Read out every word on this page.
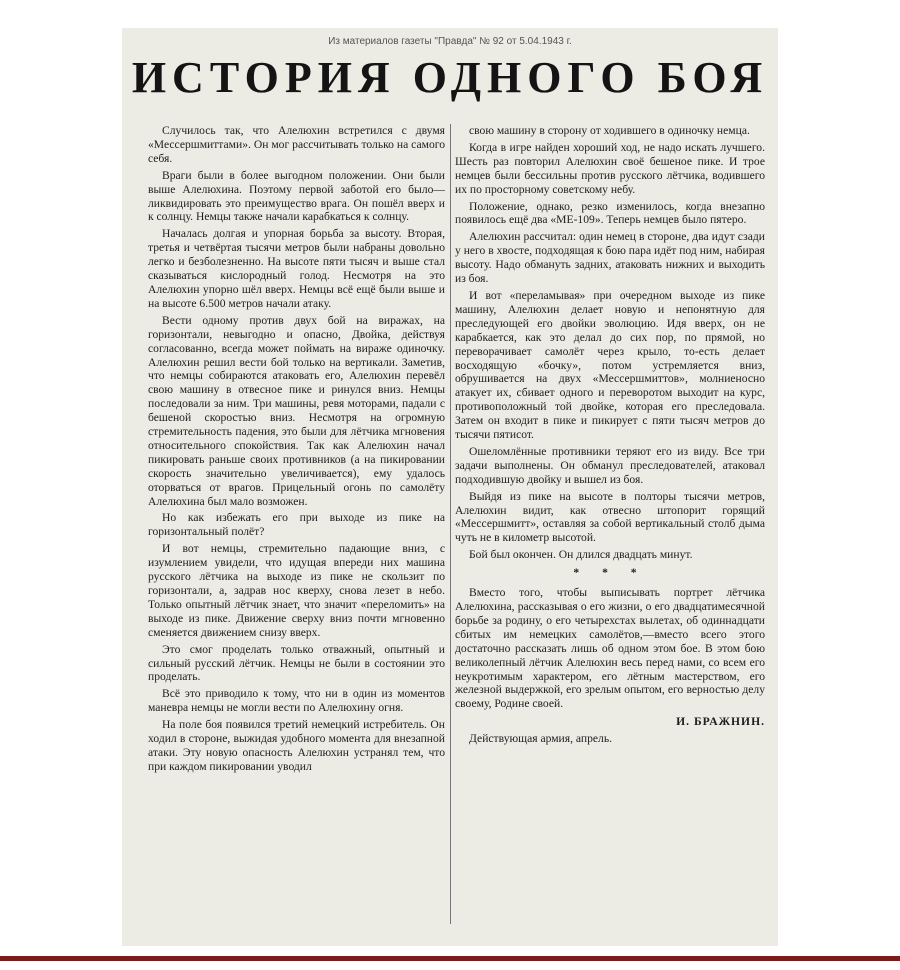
Из материалов газеты "Правда" № 92 от 5.04.1943 г.
ИСТОРИЯ ОДНОГО БОЯ

Случилось так, что Алелюхин встретился с двумя «Мессершмиттами». Он мог рассчитывать только на самого себя.

Враги были в более выгодном положении. Они были выше Алелюхина. Поэтому первой заботой его было—ликвидировать это преимущество врага. Он пошёл вверх и к солнцу. Немцы также начали карабкаться к солнцу.

Началась долгая и упорная борьба за высоту. Вторая, третья и четвёртая тысячи метров были набраны довольно легко и безболезненно. На высоте пяти тысяч и выше стал сказываться кислородный голод. Несмотря на это Алелюхин упорно шёл вверх. Немцы всё ещё были выше и на высоте 6.500 метров начали атаку.

Вести одному против двух бой на виражах, на горизонтали, невыгодно и опасно, Двойка, действуя согласованно, всегда может поймать на вираже одиночку. Алелюхин решил вести бой только на вертикали. Заметив, что немцы собираются атаковать его, Алелюхин перевёл свою машину в отвесное пике и ринулся вниз. Немцы последовали за ним. Три машины, ревя моторами, падали с бешеной скоростью вниз. Несмотря на огромную стремительность падения, это были для лётчика мгновения относительного спокойствия. Так как Алелюхин начал пикировать раньше своих противников (а на пикировании скорость значительно увеличивается), ему удалось оторваться от врагов. Прицельный огонь по самолёту Алелюхина был мало возможен.

Но как избежать его при выходе из пике на горизонтальный полёт?

И вот немцы, стремительно падающие вниз, с изумлением увидели, что идущая впереди них машина русского лётчика на выходе из пике не скользит по горизонтали, а, задрав нос кверху, снова лезет в небо. Только опытный лётчик знает, что значит «переломить» на выходе из пике. Движение сверху вниз почти мгновенно сменяется движением снизу вверх.

Это смог проделать только отважный, опытный и сильный русский лётчик. Немцы не были в состоянии это проделать.

Всё это приводило к тому, что ни в один из моментов маневра немцы не могли вести по Алелюхину огня.

На поле боя появился третий немецкий истребитель. Он ходил в стороне, выжидая удобного момента для внезапной атаки. Эту новую опасность Алелюхин устранял тем, что при каждом пикировании уводил

свою машину в сторону от ходившего в одиночку немца.

Когда в игре найден хороший ход, не надо искать лучшего. Шесть раз повторил Алелюхин своё бешеное пике. И трое немцев были бессильны против русского лётчика, водившего их по просторному советскому небу.

Положение, однако, резко изменилось, когда внезапно появилось ещё два «МЕ-109». Теперь немцев было пятеро.

Алелюхин рассчитал: один немец в стороне, два идут сзади у него в хвосте, подходящая к бою пара идёт под ним, набирая высоту. Надо обмануть задних, атаковать нижних и выходить из боя.

И вот «переламывая» при очередном выходе из пике машину, Алелюхин делает новую и непонятную для преследующей его двойки эволюцию. Идя вверх, он не карабкается, как это делал до сих пор, по прямой, но переворачивает самолёт через крыло, то-есть делает восходящую «бочку», потом устремляется вниз, обрушивается на двух «Мессершмиттов», молниеносно атакует их, сбивает одного и переворотом выходит на курс, противоположный той двойке, которая его преследовала. Затем он входит в пике и пикирует с пяти тысяч метров до тысячи пятисот.

Ошеломлённые противники теряют его из виду. Все три задачи выполнены. Он обманул преследователей, атаковал подходившую двойку и вышел из боя.

Выйдя из пике на высоте в полторы тысячи метров, Алелюхин видит, как отвесно штопорит горящий «Мессершмитт», оставляя за собой вертикальный столб дыма чуть не в километр высотой.

Бой был окончен. Он длился двадцать минут.

* * *

Вместо того, чтобы выписывать портрет лётчика Алелюхина, рассказывая о его жизни, о его двадцатимесячной борьбе за родину, о его четырехстах вылетах, об одиннадцати сбитых им немецких самолётов,—вместо всего этого достаточно рассказать лишь об одном этом бое. В этом бою великолепный лётчик Алелюхин весь перед нами, со всем его неукротимым характером, его лётным мастерством, его железной выдержкой, его зрелым опытом, его верностью делу своему, Родине своей.

И. БРАЖНИН.

Действующая армия, апрель.
